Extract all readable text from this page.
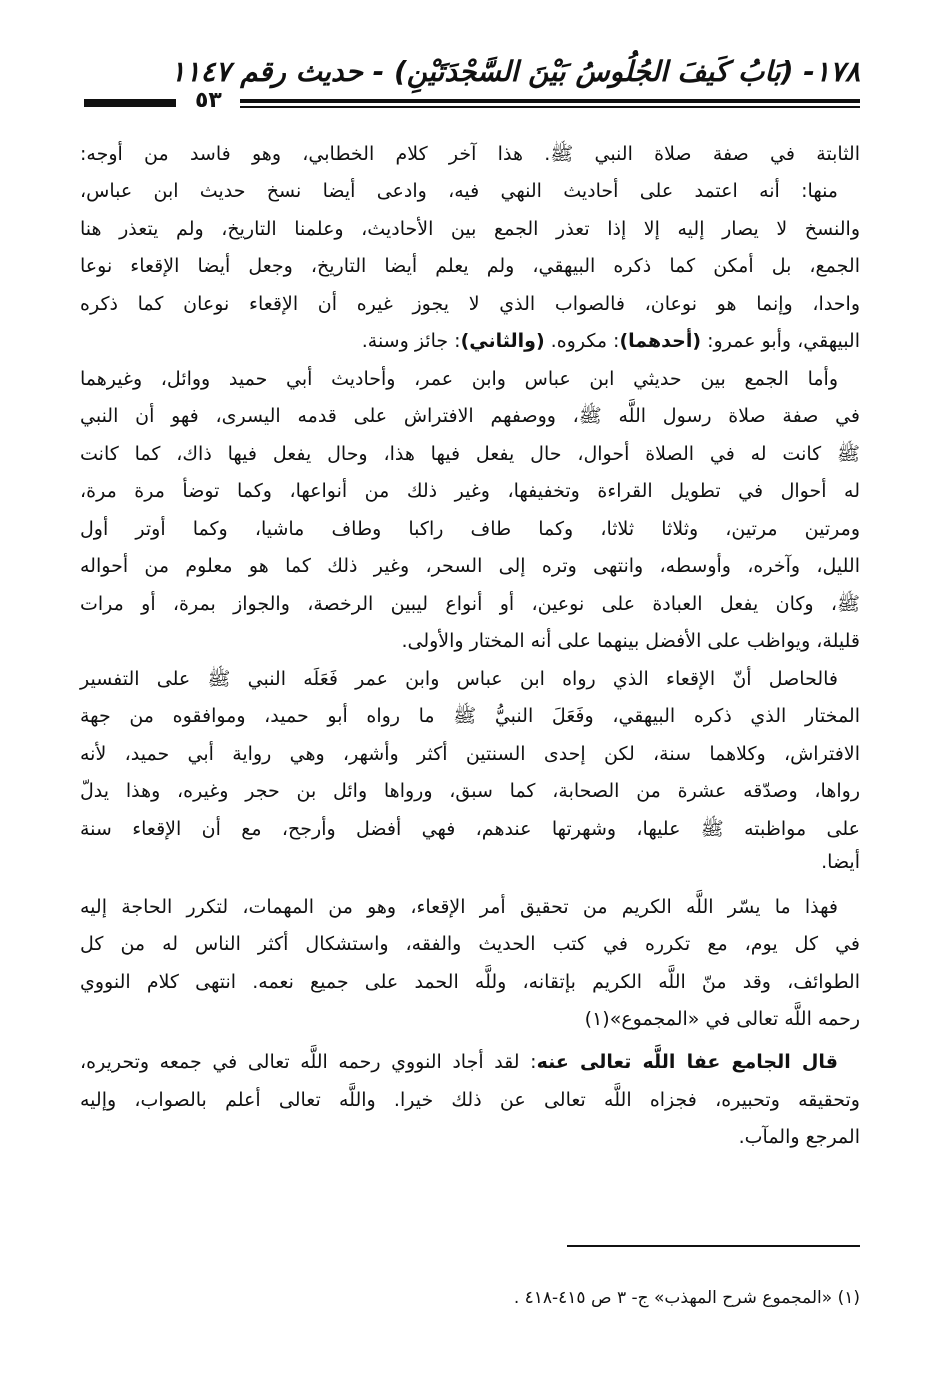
١٧٨- (بَابُ كَيفَ الجُلُوسُ بَيْنَ السَّجْدَتَيْنِ) - حديث رقم ١١٤٧
٥٣
الثابتة في صفة صلاة النبي ﷺ. هذا آخر كلام الخطابي، وهو فاسد من أوجه:
منها: أنه اعتمد على أحاديث النهي فيه، وادعى أيضا نسخ حديث ابن عباس،
والنسخ لا يصار إليه إلا إذا تعذر الجمع بين الأحاديث، وعلمنا التاريخ، ولم يتعذر هنا
الجمع، بل أمكن كما ذكره البيهقي، ولم يعلم أيضا التاريخ، وجعل أيضا الإقعاء نوعا
واحدا، وإنما هو نوعان، فالصواب الذي لا يجوز غيره أن الإقعاء نوعان كما ذكره
البيهقي، وأبو عمرو: (أحدهما): مكروه. (والثاني): جائز وسنة.
وأما الجمع بين حديثي ابن عباس وابن عمر، وأحاديث أبي حميد ووائل، وغيرهما
في صفة صلاة رسول اللَّه ﷺ، ووصفهم الافتراش على قدمه اليسرى، فهو أن النبي
ﷺ كانت له في الصلاة أحوال، حال يفعل فيها هذا، وحال يفعل فيها ذاك، كما كانت
له أحوال في تطويل القراءة وتخفيفها، وغير ذلك من أنواعها، وكما توضأ مرة مرة،
ومرتين مرتين، وثلاثا ثلاثا، وكما طاف راكبا وطاف ماشيا، وكما أوتر أول
الليل، وآخره، وأوسطه، وانتهى وتره إلى السحر، وغير ذلك كما هو معلوم من أحواله
ﷺ، وكان يفعل العبادة على نوعين، أو أنواع ليبين الرخصة، والجواز بمرة، أو مرات
قليلة، ويواظب على الأفضل بينهما على أنه المختار والأولى.
فالحاصل أنّ الإقعاء الذي رواه ابن عباس وابن عمر فَعَلَه النبي ﷺ على التفسير
المختار الذي ذكره البيهقي، وفَعَلَ النبيُّ ﷺ ما رواه أبو حميد، وموافقوه من جهة
الافتراش، وكلاهما سنة، لكن إحدى السنتين أكثر وأشهر، وهي رواية أبي حميد، لأنه
رواها، وصدّقه عشرة من الصحابة، كما سبق، ورواها وائل بن حجر وغيره، وهذا يدلّ
على مواظبته ﷺ عليها، وشهرتها عندهم، فهي أفضل وأرجح، مع أن الإقعاء سنة
أيضا.
فهذا ما يسّر اللَّه الكريم من تحقيق أمر الإقعاء، وهو من المهمات، لتكرر الحاجة إليه
في كل يوم، مع تكرره في كتب الحديث والفقه، واستشكال أكثر الناس له من كل
الطوائف، وقد منّ اللَّه الكريم بإتقانه، وللَّه الحمد على جميع نعمه. انتهى كلام النووي
رحمه اللَّه تعالى في «المجموع»(١)
قال الجامع عفا اللَّه تعالى عنه: لقد أجاد النووي رحمه اللَّه تعالى في جمعه وتحريره،
وتحقيقه وتحبيره، فجزاه اللَّه تعالى عن ذلك خيرا. واللَّه تعالى أعلم بالصواب، وإليه
المرجع والمآب.
(١) «المجموع شرح المهذب» ج- ٣ ص ٤١٥-٤١٨ .
